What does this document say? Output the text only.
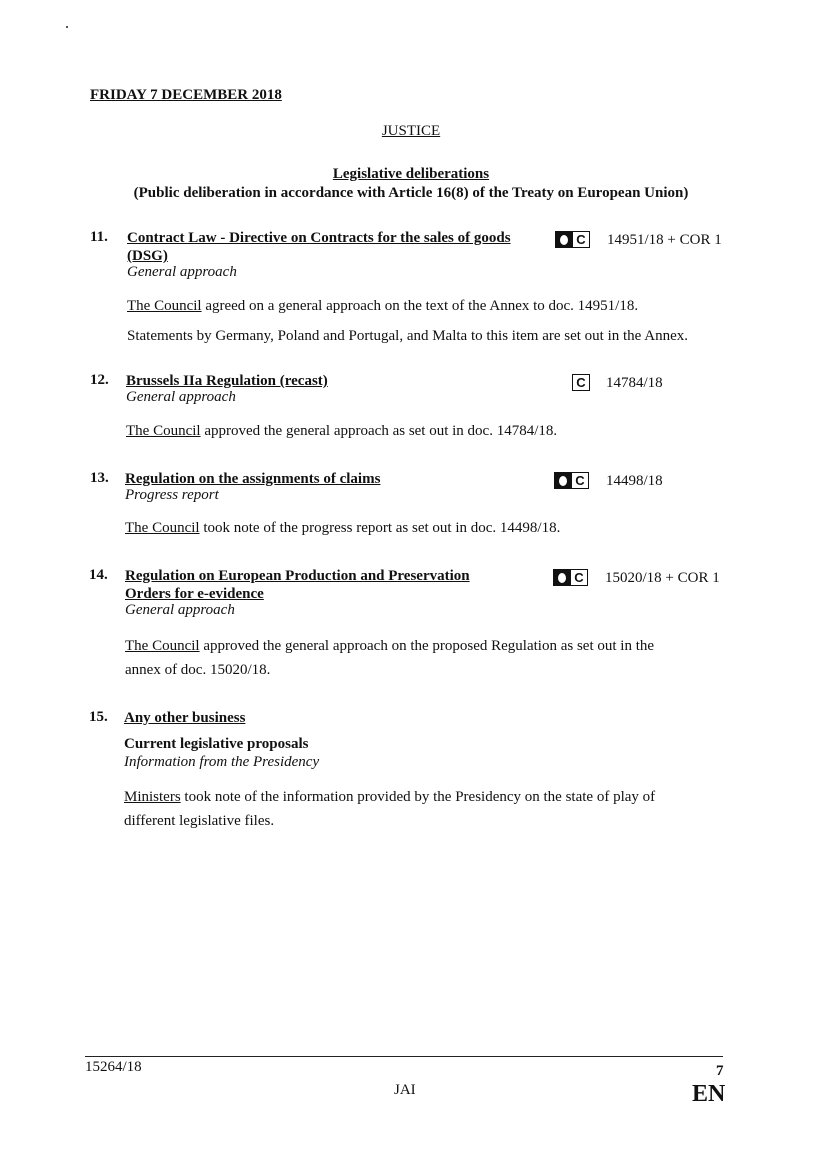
FRIDAY 7 DECEMBER 2018
JUSTICE
Legislative deliberations
(Public deliberation in accordance with Article 16(8) of the Treaty on European Union)
11. Contract Law - Directive on Contracts for the sales of goods
(DSG)
C 14951/18 + COR 1
General approach
The Council agreed on a general approach on the text of the Annex to doc. 14951/18.
Statements by Germany, Poland and Portugal, and Malta to this item are set out in the Annex.
12. Brussels IIa Regulation (recast)	C 14784/18
General approach
The Council approved the general approach as set out in doc. 14784/18.
13. Regulation on the assignments of claims	C 14498/18
Progress report
The Council took note of the progress report as set out in doc. 14498/18.
14. Regulation on European Production and Preservation
Orders for e-evidence
C 15020/18 + COR 1
General approach
The Council approved the general approach on the proposed Regulation as set out in the
annex of doc. 15020/18.
15. Any other business
Current legislative proposals
Information from the Presidency
Ministers took note of the information provided by the Presidency on the state of play of
different legislative files.
15264/18
JAI
7
EN
